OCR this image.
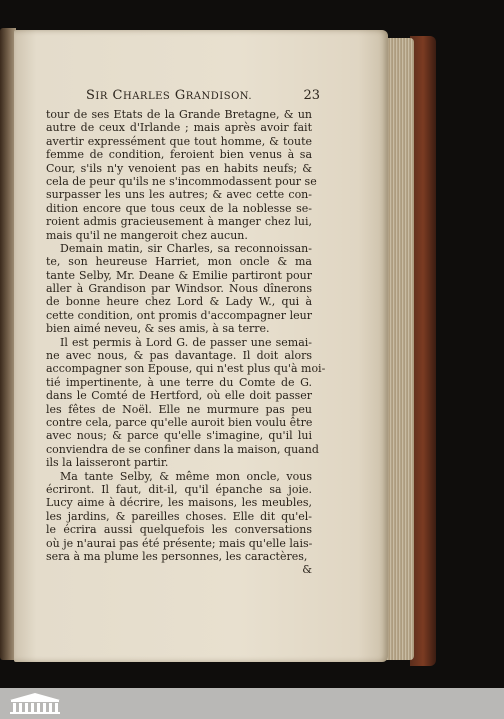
SIR CHARLES GRANDISON.	23
tour de ses Etats de la Grande Bretagne, & un
autre de ceux d'Irlande ; mais après avoir fait
avertir expressément que tout homme, & toute
femme de condition, feroient bien venus à sa
Cour, s'ils n'y venoient pas en habits neufs; &
cela de peur qu'ils ne s'incommodassent pour se
surpasser les uns les autres; & avec cette con-
dition encore que tous ceux de la noblesse se-
roient admis gracieusement à manger chez lui,
mais qu'il ne mangeroit chez aucun.
Demain matin, sir Charles, sa reconnoissan-
te, son heureuse Harriet, mon oncle & ma
tante Selby, Mr. Deane & Emilie partiront pour
aller à Grandison par Windsor. Nous dînerons
de bonne heure chez Lord & Lady W., qui à
cette condition, ont promis d'accompagner leur
bien aimé neveu, & ses amis, à sa terre.
Il est permis à Lord G. de passer une semai-
ne avec nous, & pas davantage. Il doit alors
accompagner son Epouse, qui n'est plus qu'à moi-
tié impertinente, à une terre du Comte de G.
dans le Comté de Hertford, où elle doit passer
les fêtes de Noël. Elle ne murmure pas peu
contre cela, parce qu'elle auroit bien voulu être
avec nous; & parce qu'elle s'imagine, qu'il lui
conviendra de se confiner dans la maison, quand
ils la laisseront partir.
Ma tante Selby, & même mon oncle, vous
écriront. Il faut, dit-il, qu'il épanche sa joie.
Lucy aime à décrire, les maisons, les meubles,
les jardins, & pareilles choses. Elle dit qu'el-
le écrira aussi quelquefois les conversations
où je n'aurai pas été présente; mais qu'elle lais-
sera à ma plume les personnes, les caractères,
&
